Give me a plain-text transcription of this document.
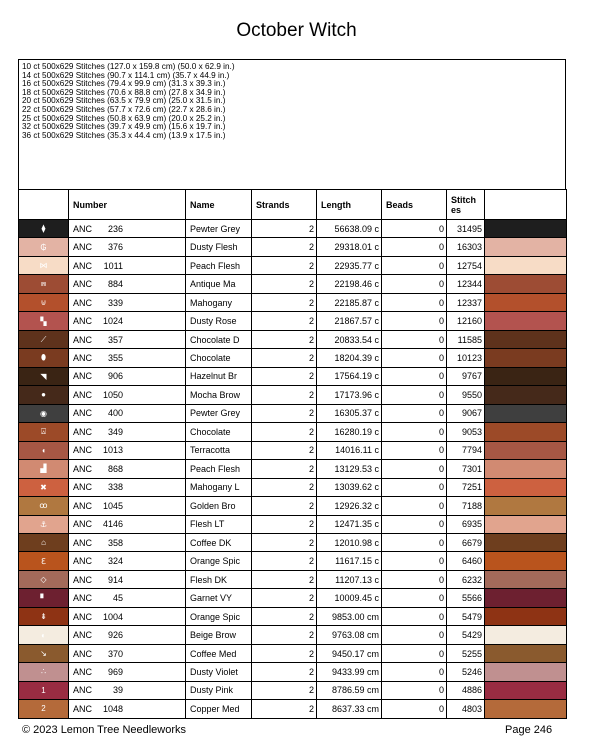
October Witch
10 ct 500x629 Stitches (127.0 x 159.8 cm) (50.0 x 62.9 in.)
14 ct 500x629 Stitches (90.7 x 114.1 cm) (35.7 x 44.9 in.)
16 ct 500x629 Stitches (79.4 x 99.9 cm) (31.3 x 39.3 in.)
18 ct 500x629 Stitches (70.6 x 88.8 cm) (27.8 x 34.9 in.)
20 ct 500x629 Stitches (63.5 x 79.9 cm) (25.0 x 31.5 in.)
22 ct 500x629 Stitches (57.7 x 72.6 cm) (22.7 x 28.6 in.)
25 ct 500x629 Stitches (50.8 x 63.9 cm) (20.0 x 25.2 in.)
32 ct 500x629 Stitches (39.7 x 49.9 cm) (15.6 x 19.7 in.)
36 ct 500x629 Stitches (35.3 x 44.4 cm) (13.9 x 17.5 in.)
	Number	Name	Strands	Length	Beads	Stitch es	
⧫	ANC 236	Pewter Grey	2	56638.09 c	0	31495	
₲	ANC 376	Dusty Flesh	2	29318.01 c	0	16303	
⋈	ANC 1011	Peach Flesh	2	22935.77 c	0	12754	
⩎	ANC 884	Antique Ma	2	22198.46 c	0	12344	
⊍	ANC 339	Mahogany	2	22185.87 c	0	12337	
▚	ANC 1024	Dusty Rose	2	21867.57 c	0	12160	
⟋	ANC 357	Chocolate D	2	20833.54 c	0	11585	
⬮	ANC 355	Chocolate	2	18204.39 c	0	10123	
◥	ANC 906	Hazelnut Br	2	17564.19 c	0	9767	
●	ANC 1050	Mocha Brow	2	17173.96 c	0	9550	
◉	ANC 400	Pewter Grey	2	16305.37 c	0	9067	
⍓	ANC 349	Chocolate	2	16280.19 c	0	9053	
◖	ANC 1013	Terracotta	2	14016.11 c	0	7794	
▟	ANC 868	Peach Flesh	2	13129.53 c	0	7301	
✖	ANC 338	Mahogany L	2	13039.62 c	0	7251	
ꝏ	ANC 1045	Golden Bro	2	12926.32 c	0	7188	
⚓	ANC 4146	Flesh LT	2	12471.35 c	0	6935	
⌂	ANC 358	Coffee DK	2	12010.98 c	0	6679	
ℇ	ANC 324	Orange Spic	2	11617.15 c	0	6460	
◇	ANC 914	Flesh DK	2	11207.13 c	0	6232	
▘	ANC 45	Garnet VY	2	10009.45 c	0	5566	
⇟	ANC 1004	Orange Spic	2	9853.00 cm	0	5479	
◐	ANC 926	Beige Brow	2	9763.08 cm	0	5429	
↘	ANC 370	Coffee Med	2	9450.17 cm	0	5255	
∴	ANC 969	Dusty Violet	2	9433.99 cm	0	5246	
1	ANC 39	Dusty Pink	2	8786.59 cm	0	4886	
2	ANC 1048	Copper Med	2	8637.33 cm	0	4803	
© 2023 Lemon Tree Needleworks	Page 246
